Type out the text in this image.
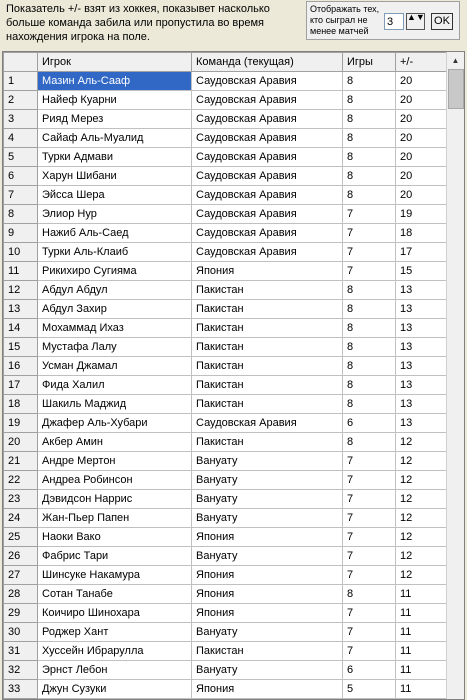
Показатель +/- взят из хоккея, показывет насколько больше команда забила или пропустила во время нахождения игрока на поле.
Отображать тех, кто сыграл не менее матчей
3
▲▼ OK
	Игрок	Команда (текущая)	Игры	+/-
1	Мазин Аль-Сааф	Саудовская Аравия	8	20
2	Найеф Куарни	Саудовская Аравия	8	20
3	Рияд Мерез	Саудовская Аравия	8	20
4	Сайаф Аль-Муалид	Саудовская Аравия	8	20
5	Турки Адмави	Саудовская Аравия	8	20
6	Харун Шибани	Саудовская Аравия	8	20
7	Эйсса Шера	Саудовская Аравия	8	20
8	Элиор Нур	Саудовская Аравия	7	19
9	Нажиб Аль-Саед	Саудовская Аравия	7	18
10	Турки Аль-Клаиб	Саудовская Аравия	7	17
11	Рикихиро Сугияма	Япония	7	15
12	Абдул Абдул	Пакистан	8	13
13	Абдул Захир	Пакистан	8	13
14	Мохаммад Ихаз	Пакистан	8	13
15	Мустафа Лалу	Пакистан	8	13
16	Усман Джамал	Пакистан	8	13
17	Фида Халил	Пакистан	8	13
18	Шакиль Маджид	Пакистан	8	13
19	Джафер Аль-Хубари	Саудовская Аравия	6	13
20	Акбер Амин	Пакистан	8	12
21	Андре Мертон	Вануату	7	12
22	Андреа Робинсон	Вануату	7	12
23	Дэвидсон Наррис	Вануату	7	12
24	Жан-Пьер Папен	Вануату	7	12
25	Наоки Вако	Япония	7	12
26	Фабрис Тари	Вануату	7	12
27	Шинсуке Накамура	Япония	7	12
28	Сотан Танабе	Япония	8	11
29	Коичиро Шинохара	Япония	7	11
30	Роджер Хант	Вануату	7	11
31	Хуссейн Ибраруллa	Пакистан	7	11
32	Эрнст Лебон	Вануату	6	11
33	Джун Сузуки	Япония	5	11
▲
